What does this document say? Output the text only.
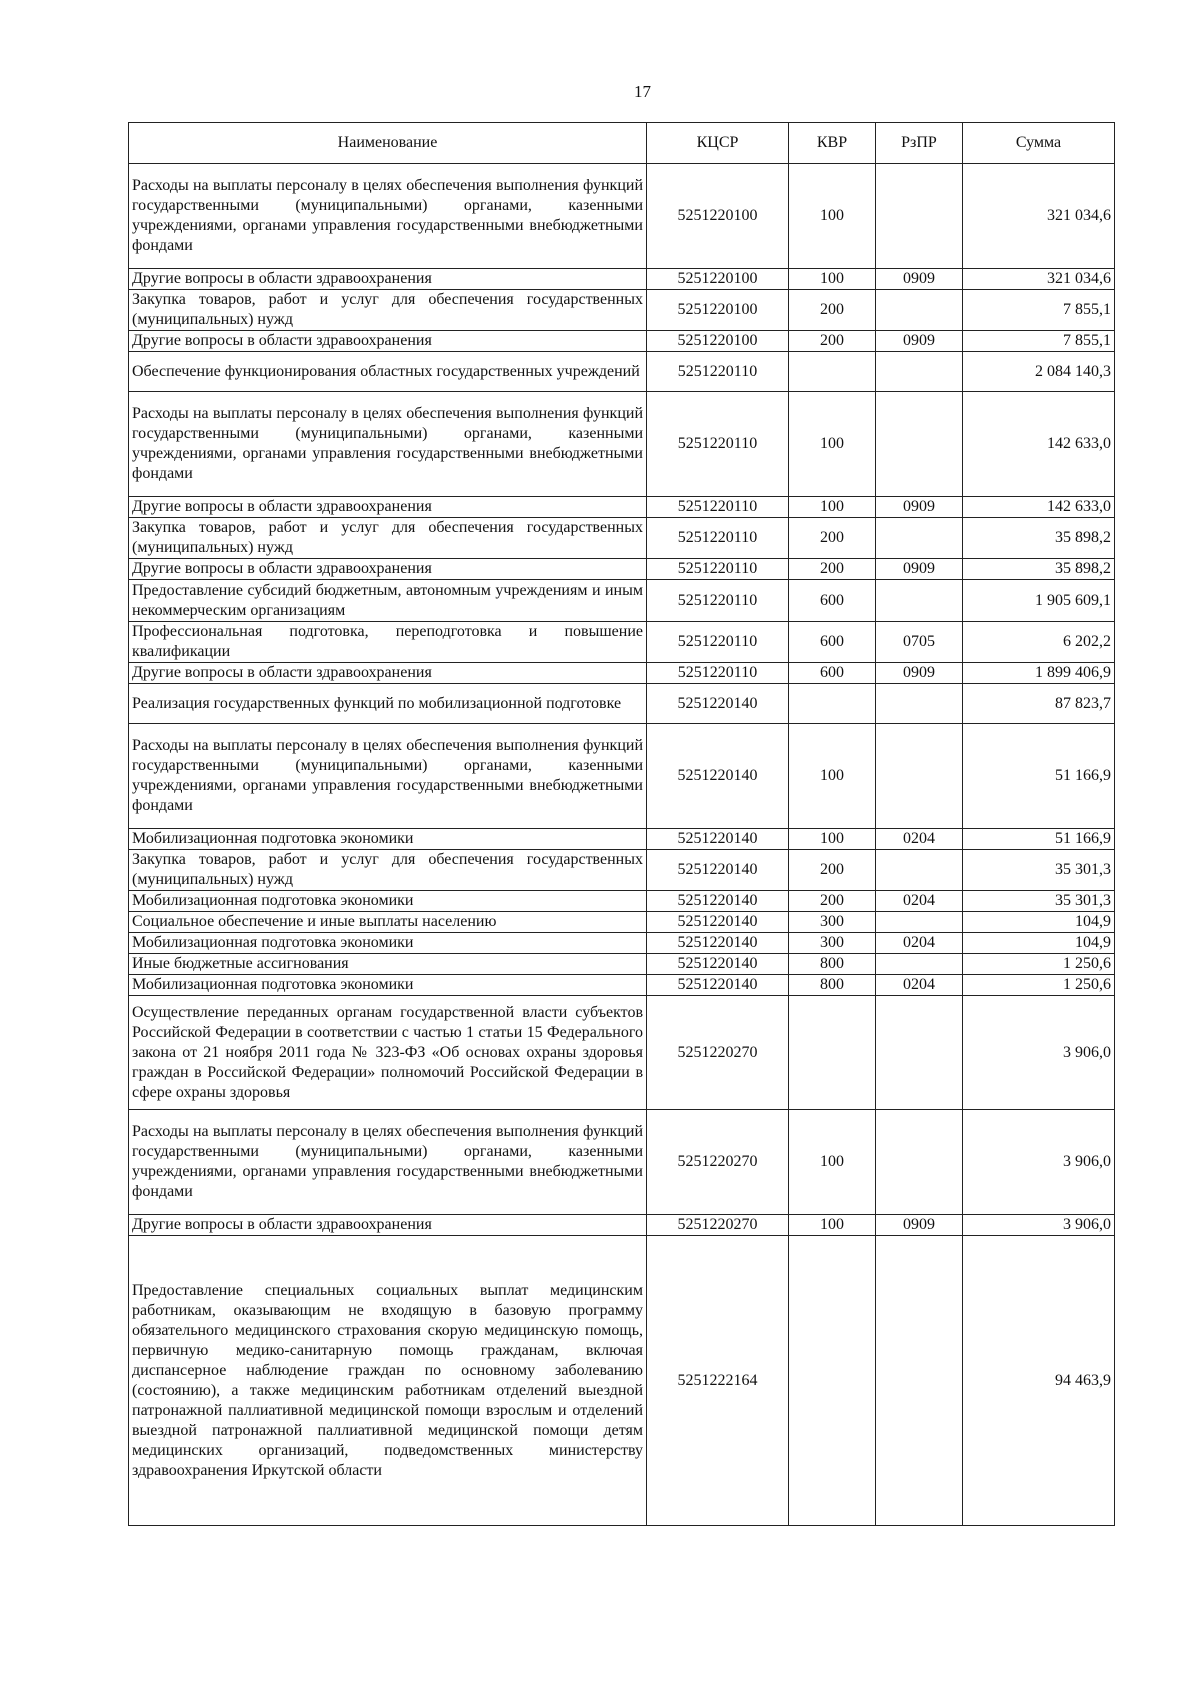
17
Наименование	КЦСР	КВР	РзПР	Сумма
Расходы на выплаты персоналу в целях обеспечения выполнения функций государственными (муниципальными) органами, казенными учреждениями, органами управления государственными внебюджетными фондами	5251220100	100		321 034,6
Другие вопросы в области здравоохранения	5251220100	100	0909	321 034,6
Закупка товаров, работ и услуг для обеспечения государственных (муниципальных) нужд	5251220100	200		7 855,1
Другие вопросы в области здравоохранения	5251220100	200	0909	7 855,1
Обеспечение функционирования областных государственных учреждений	5251220110			2 084 140,3
Расходы на выплаты персоналу в целях обеспечения выполнения функций государственными (муниципальными) органами, казенными учреждениями, органами управления государственными внебюджетными фондами	5251220110	100		142 633,0
Другие вопросы в области здравоохранения	5251220110	100	0909	142 633,0
Закупка товаров, работ и услуг для обеспечения государственных (муниципальных) нужд	5251220110	200		35 898,2
Другие вопросы в области здравоохранения	5251220110	200	0909	35 898,2
Предоставление субсидий бюджетным, автономным учреждениям и иным некоммерческим организациям	5251220110	600		1 905 609,1
Профессиональная подготовка, переподготовка и повышение квалификации	5251220110	600	0705	6 202,2
Другие вопросы в области здравоохранения	5251220110	600	0909	1 899 406,9
Реализация государственных функций по мобилизационной подготовке	5251220140			87 823,7
Расходы на выплаты персоналу в целях обеспечения выполнения функций государственными (муниципальными) органами, казенными учреждениями, органами управления государственными внебюджетными фондами	5251220140	100		51 166,9
Мобилизационная подготовка экономики	5251220140	100	0204	51 166,9
Закупка товаров, работ и услуг для обеспечения государственных (муниципальных) нужд	5251220140	200		35 301,3
Мобилизационная подготовка экономики	5251220140	200	0204	35 301,3
Социальное обеспечение и иные выплаты населению	5251220140	300		104,9
Мобилизационная подготовка экономики	5251220140	300	0204	104,9
Иные бюджетные ассигнования	5251220140	800		1 250,6
Мобилизационная подготовка экономики	5251220140	800	0204	1 250,6
Осуществление переданных органам государственной власти субъектов Российской Федерации в соответствии с частью 1 статьи 15 Федерального закона от 21 ноября 2011 года № 323-ФЗ «Об основах охраны здоровья граждан в Российской Федерации» полномочий Российской Федерации в сфере охраны здоровья	5251220270			3 906,0
Расходы на выплаты персоналу в целях обеспечения выполнения функций государственными (муниципальными) органами, казенными учреждениями, органами управления государственными внебюджетными фондами	5251220270	100		3 906,0
Другие вопросы в области здравоохранения	5251220270	100	0909	3 906,0
Предоставление специальных социальных выплат медицинским работникам, оказывающим не входящую в базовую программу обязательного медицинского страхования скорую медицинскую помощь, первичную медико-санитарную помощь гражданам, включая диспансерное наблюдение граждан по основному заболеванию (состоянию), а также медицинским работникам отделений выездной патронажной паллиативной медицинской помощи взрослым и отделений выездной патронажной паллиативной медицинской помощи детям медицинских организаций, подведомственных министерству здравоохранения Иркутской области	5251222164			94 463,9
